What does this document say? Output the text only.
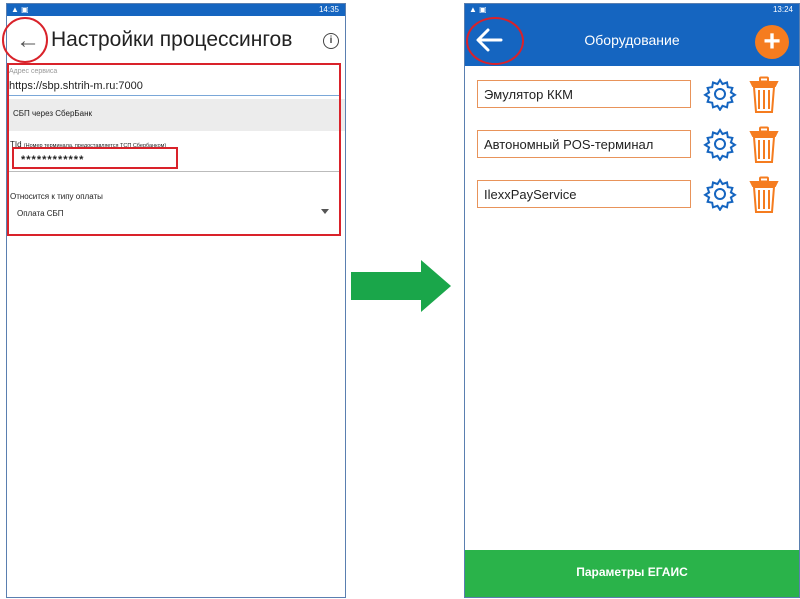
▲ ▣	14:35
← Настройки процессингов	i
Адрес сервиса
https://sbp.shtrih-m.ru:7000
СБП через СберБанк
TId (Номер терминала, предоставляется ТСП Сбербанком)
************
Относится к типу оплаты
Оплата СБП
▲ ▣	13:24
Оборудование	+
Эмулятор ККМ
Автономный POS-терминал
IlexxPayService
Параметры ЕГАИС
